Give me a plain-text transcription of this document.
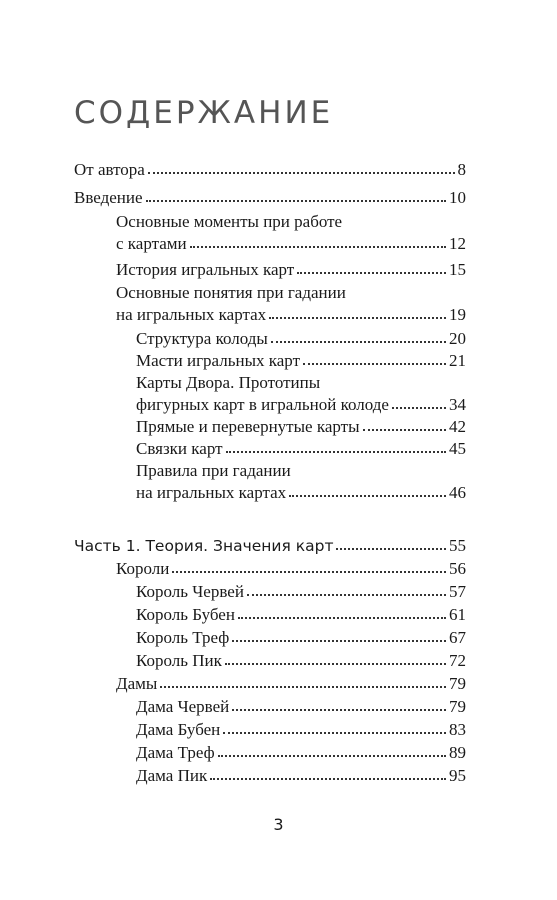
СОДЕРЖАНИЕ
От автора	8
Введение	10
Основные моменты при работе
с картами	12
История игральных карт	15
Основные понятия при гадании
на игральных картах	19
Структура колоды	20
Масти игральных карт	21
Карты Двора. Прототипы
фигурных карт в игральной колоде	34
Прямые и перевернутые карты	42
Связки карт	45
Правила при гадании
на игральных картах	46
Часть 1. Теория. Значения карт	55
Короли	56
Король Червей	57
Король Бубен	61
Король Треф	67
Король Пик	72
Дамы	79
Дама Червей	79
Дама Бубен	83
Дама Треф	89
Дама Пик	95
3
